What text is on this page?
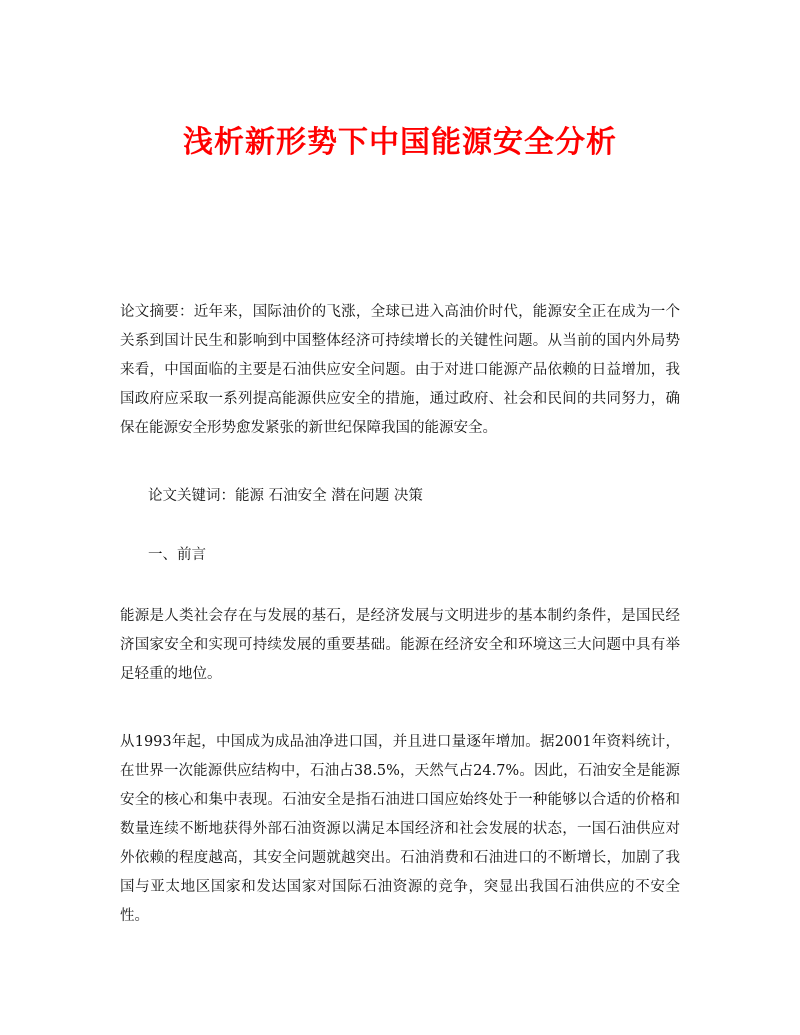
浅析新形势下中国能源安全分析

论文摘要：近年来，国际油价的飞涨，全球已进入高油价时代，能源安全正在成为一个关系到国计民生和影响到中国整体经济可持续增长的关键性问题。从当前的国内外局势来看，中国面临的主要是石油供应安全问题。由于对进口能源产品依赖的日益增加，我国政府应采取一系列提高能源供应安全的措施，通过政府、社会和民间的共同努力，确保在能源安全形势愈发紧张的新世纪保障我国的能源安全。

论文关键词：能源 石油安全 潜在问题 决策

一、前言

能源是人类社会存在与发展的基石，是经济发展与文明进步的基本制约条件，是国民经济国家安全和实现可持续发展的重要基础。能源在经济安全和环境这三大问题中具有举足轻重的地位。

从1993年起，中国成为成品油净进口国，并且进口量逐年增加。据2001年资料统计，在世界一次能源供应结构中，石油占38.5%，天然气占24.7%。因此，石油安全是能源安全的核心和集中表现。石油安全是指石油进口国应始终处于一种能够以合适的价格和数量连续不断地获得外部石油资源以满足本国经济和社会发展的状态，一国石油供应对外依赖的程度越高，其安全问题就越突出。石油消费和石油进口的不断增长，加剧了我国与亚太地区国家和发达国家对国际石油资源的竞争，突显出我国石油供应的不安全性。
